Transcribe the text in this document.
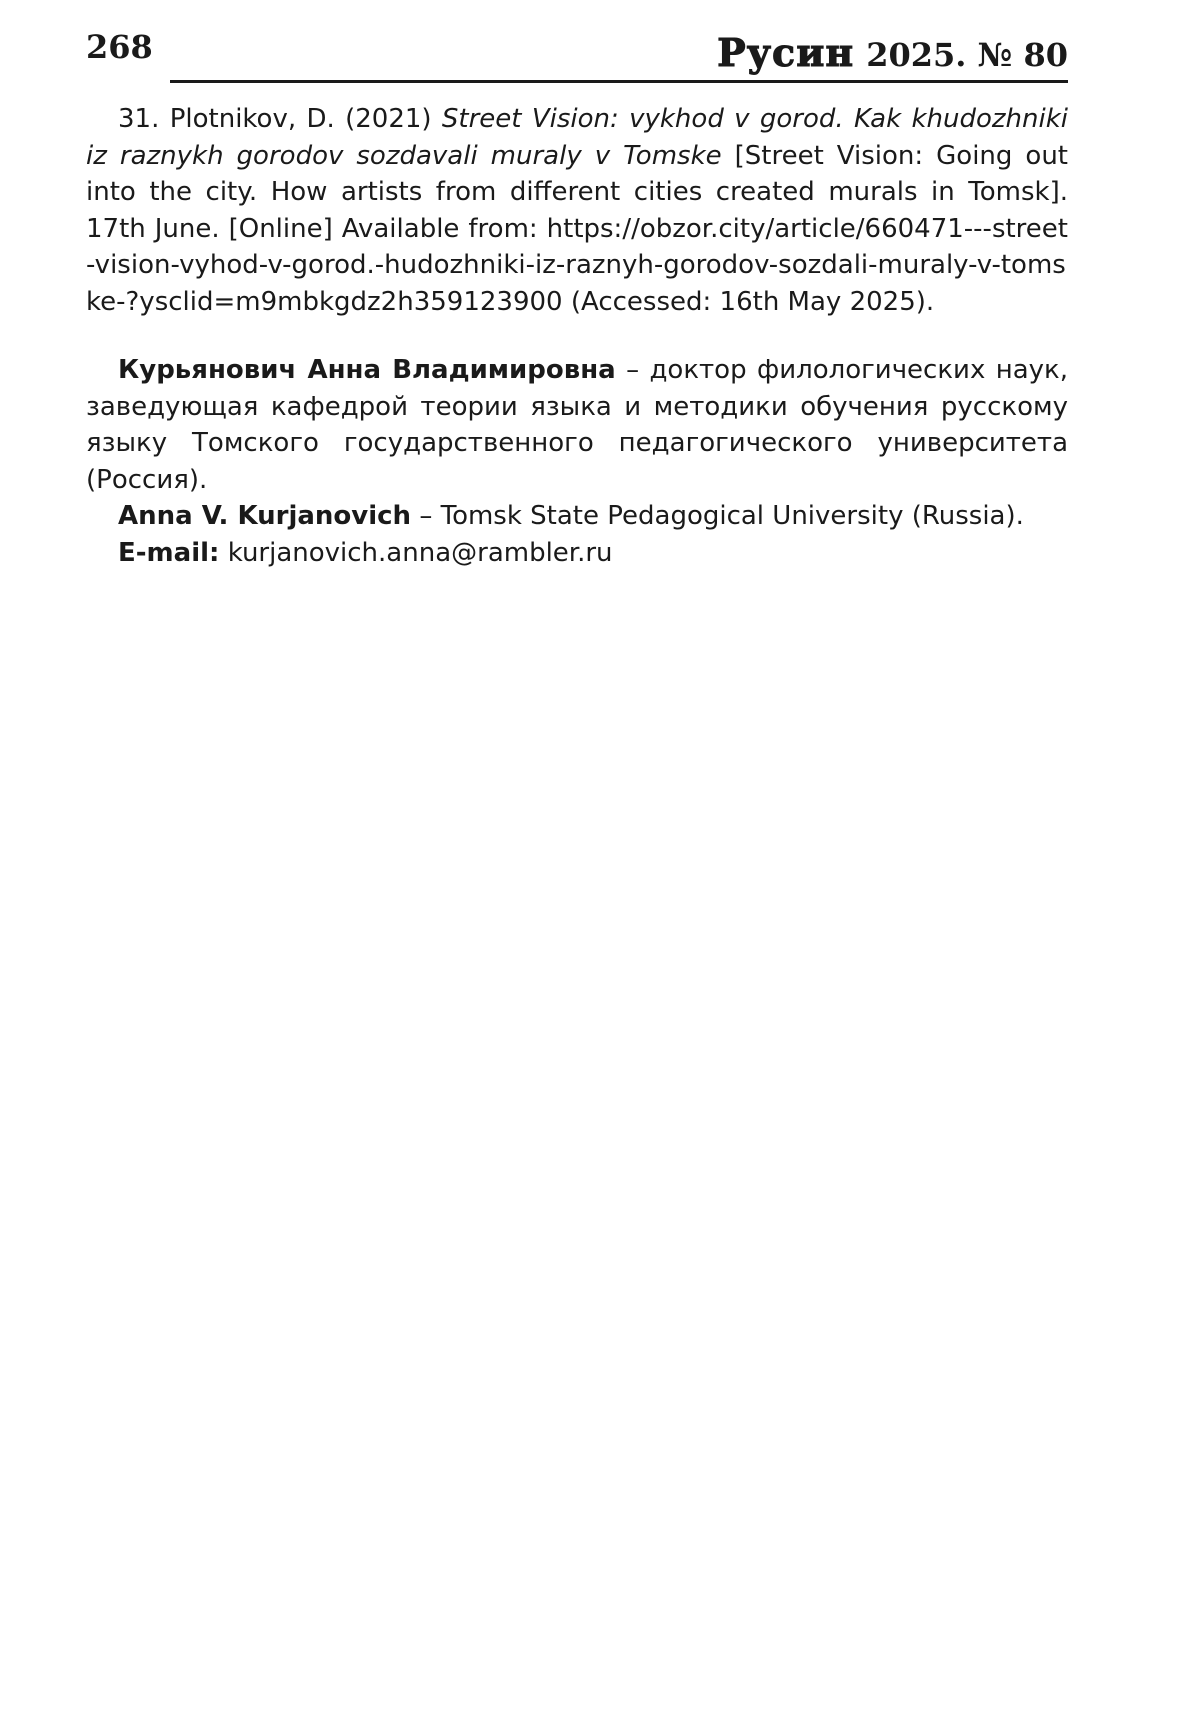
268	Русин 2025. № 80

31. Plotnikov, D. (2021) Street Vision: vykhod v gorod. Kak khudozhniki iz raznykh gorodov sozdavali muraly v Tomske [Street Vision: Going out into the city. How artists from different cities created murals in Tomsk]. 17th June. [Online] Available from: https://obzor.city/article/660471---street-vision-vyhod-v-gorod.-hudozhniki-iz-raznyh-gorodov-sozdali-muraly-v-tomske-?ysclid=m9mbkgdz2h359123900 (Accessed: 16th May 2025).

Курьянович Анна Владимировна – доктор филологических наук, заведующая кафедрой теории языка и методики обучения русскому языку Томского государственного педагогического университета (Россия).

Anna V. Kurjanovich – Tomsk State Pedagogical University (Russia).

E-mail: kurjanovich.anna@rambler.ru
